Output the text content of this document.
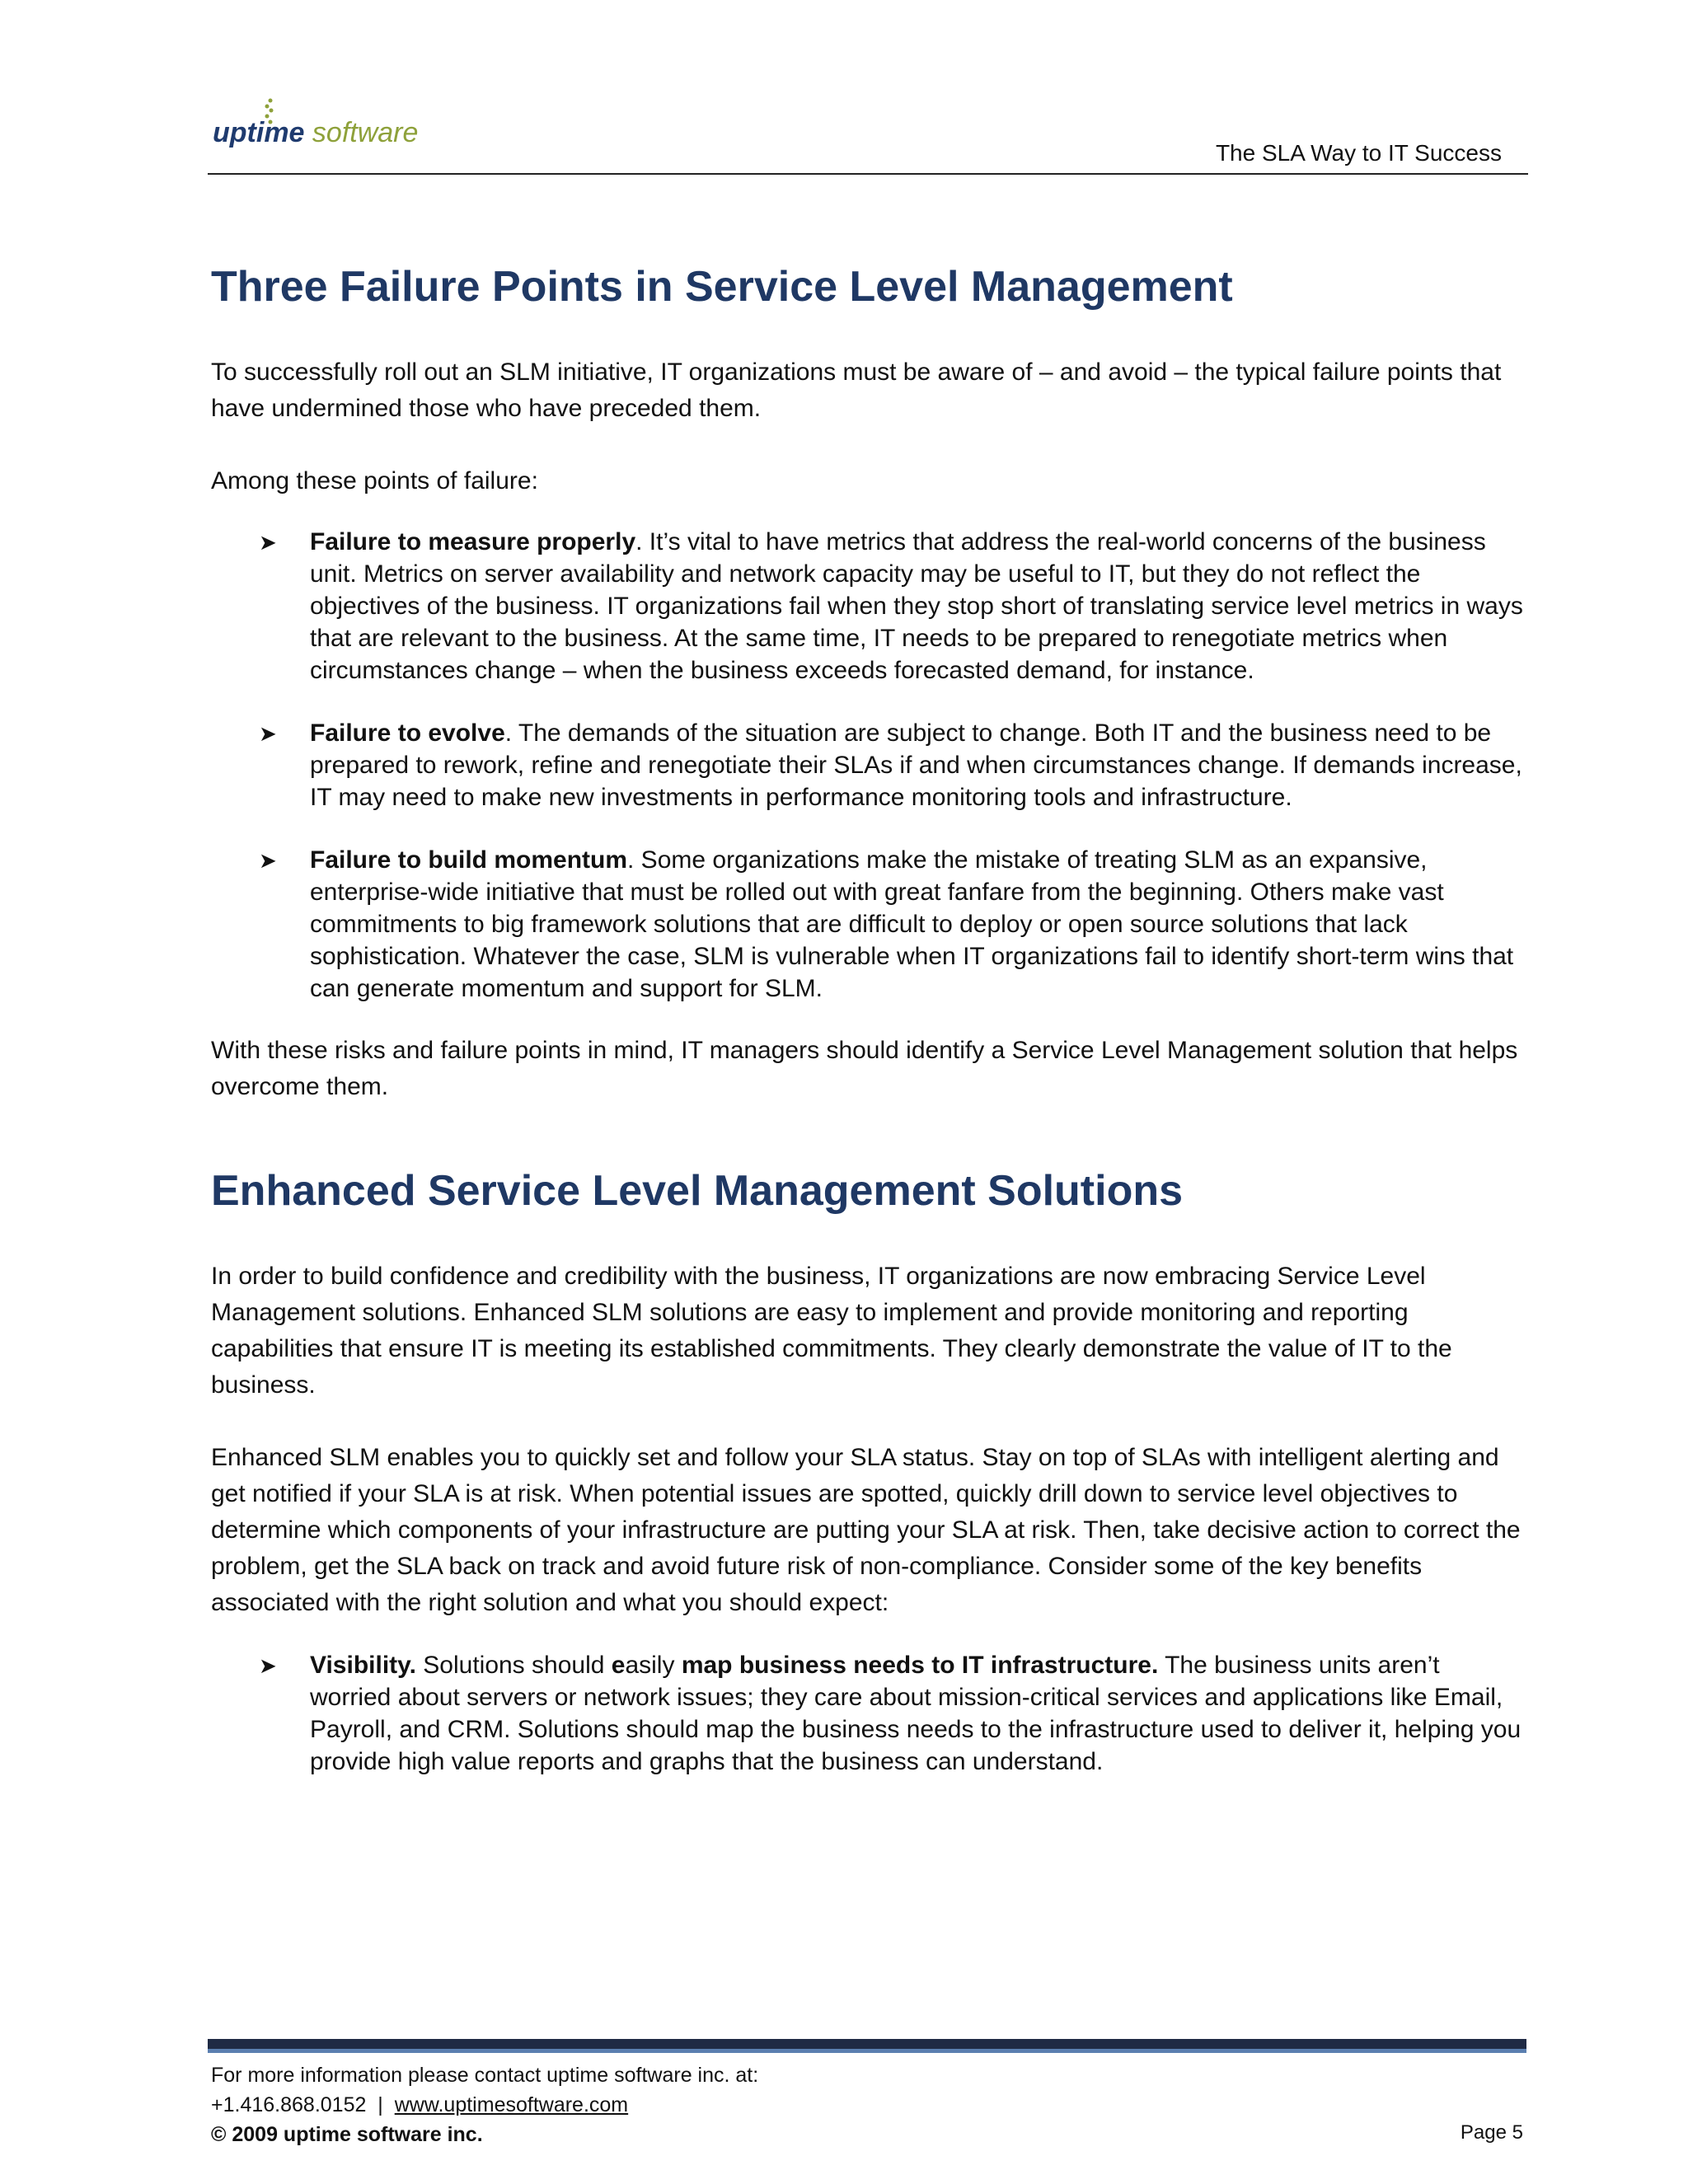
uptime software
The SLA Way to IT Success
Three Failure Points in Service Level Management

To successfully roll out an SLM initiative, IT organizations must be aware of – and avoid – the typical failure points that have undermined those who have preceded them.

Among these points of failure:

➤ Failure to measure properly. It’s vital to have metrics that address the real-world concerns of the business unit. Metrics on server availability and network capacity may be useful to IT, but they do not reflect the objectives of the business. IT organizations fail when they stop short of translating service level metrics in ways that are relevant to the business. At the same time, IT needs to be prepared to renegotiate metrics when circumstances change – when the business exceeds forecasted demand, for instance.
➤ Failure to evolve. The demands of the situation are subject to change. Both IT and the business need to be prepared to rework, refine and renegotiate their SLAs if and when circumstances change. If demands increase, IT may need to make new investments in performance monitoring tools and infrastructure.
➤ Failure to build momentum. Some organizations make the mistake of treating SLM as an expansive, enterprise-wide initiative that must be rolled out with great fanfare from the beginning. Others make vast commitments to big framework solutions that are difficult to deploy or open source solutions that lack sophistication. Whatever the case, SLM is vulnerable when IT organizations fail to identify short-term wins that can generate momentum and support for SLM.

With these risks and failure points in mind, IT managers should identify a Service Level Management solution that helps overcome them.

Enhanced Service Level Management Solutions

In order to build confidence and credibility with the business, IT organizations are now embracing Service Level Management solutions. Enhanced SLM solutions are easy to implement and provide monitoring and reporting capabilities that ensure IT is meeting its established commitments. They clearly demonstrate the value of IT to the business.

Enhanced SLM enables you to quickly set and follow your SLA status. Stay on top of SLAs with intelligent alerting and get notified if your SLA is at risk. When potential issues are spotted, quickly drill down to service level objectives to determine which components of your infrastructure are putting your SLA at risk. Then, take decisive action to correct the problem, get the SLA back on track and avoid future risk of non-compliance. Consider some of the key benefits associated with the right solution and what you should expect:

➤ Visibility. Solutions should easily map business needs to IT infrastructure. The business units aren’t worried about servers or network issues; they care about mission-critical services and applications like Email, Payroll, and CRM. Solutions should map the business needs to the infrastructure used to deliver it, helping you provide high value reports and graphs that the business can understand.
For more information please contact uptime software inc. at:
+1.416.868.0152 | www.uptimesoftware.com
© 2009 uptime software inc.	Page 5
